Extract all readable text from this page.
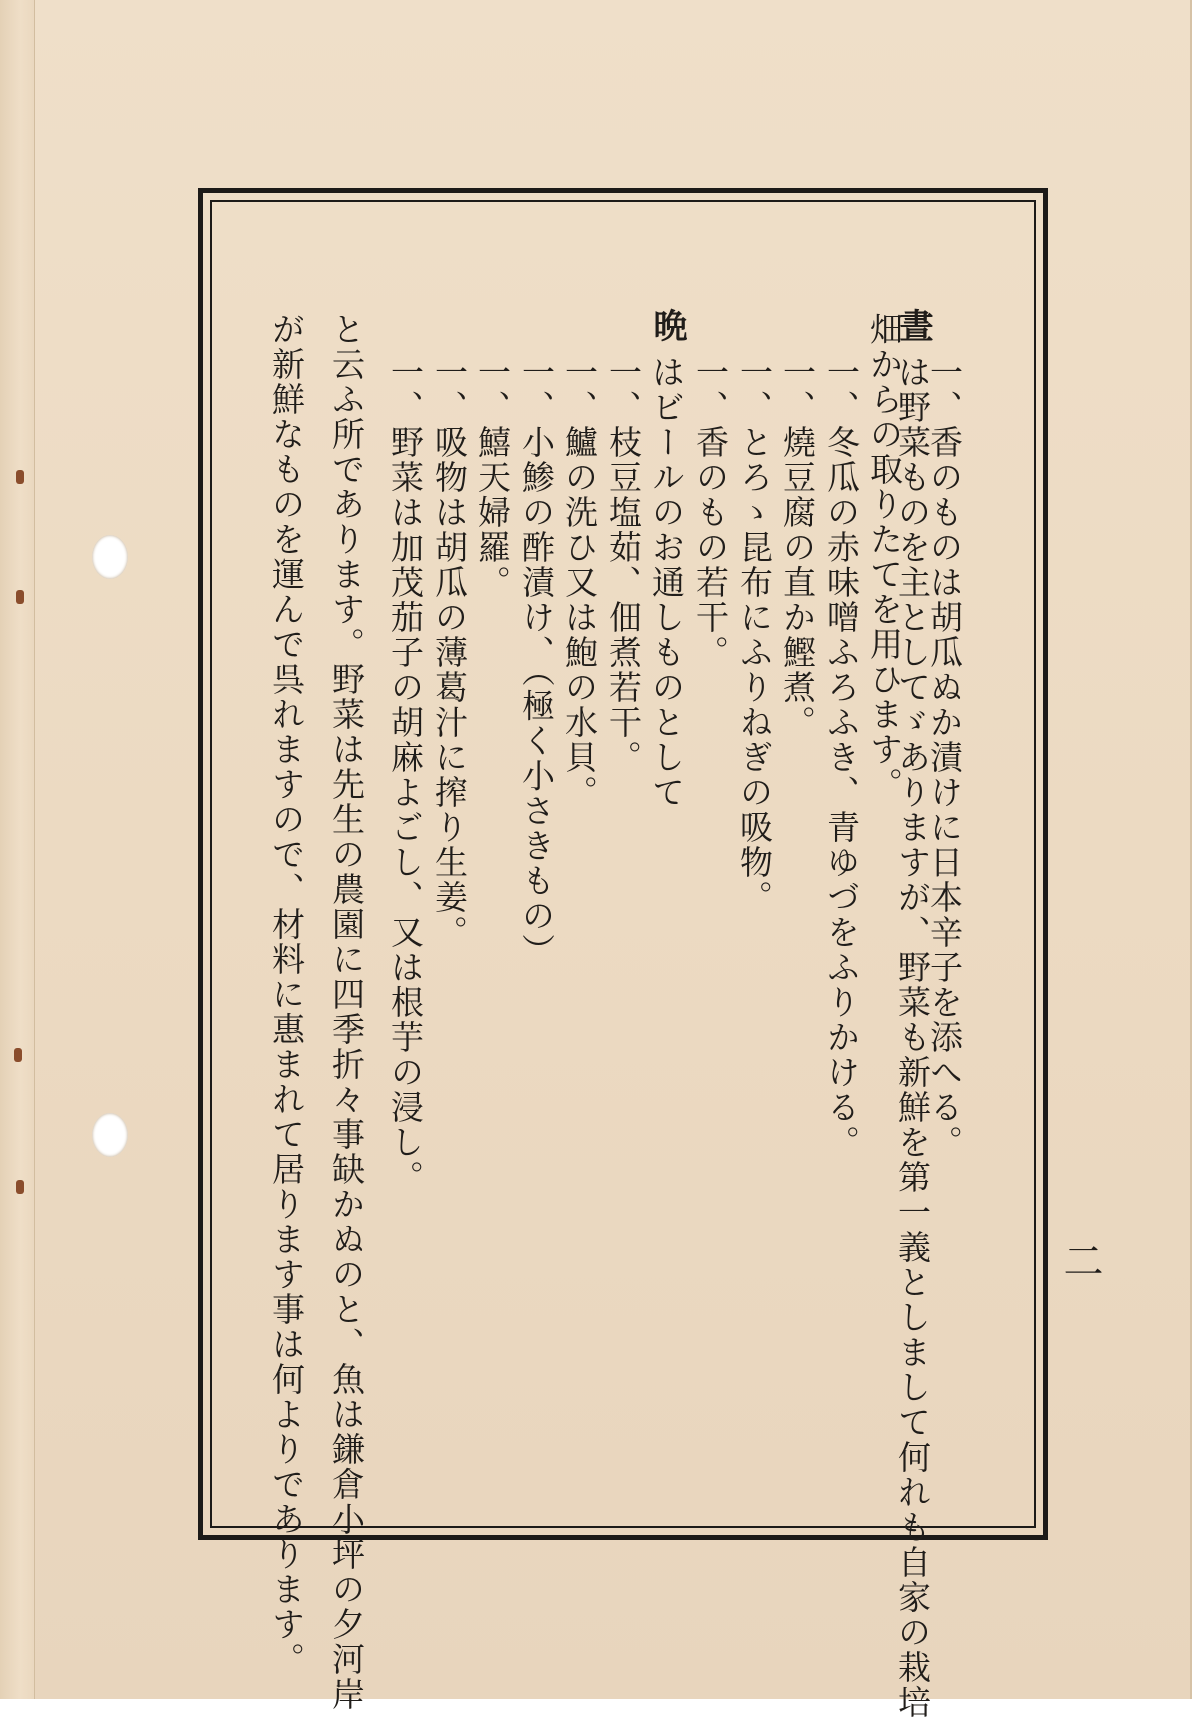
一、香のものは胡瓜ぬか漬けに日本辛子を添へる。
晝
は野菜ものを主としてゞありますが、野菜も新鮮を第一義としまして何れも自家の栽培
畑からの取りたてを用ひます。
一、冬瓜の赤味噌ふろふき、青ゆづをふりかける。
一、燒豆腐の直か鰹煮。
一、とろゝ昆布にふりねぎの吸物。
一、香のもの若干。
晩
はビールのお通しものとして
一、枝豆塩茹、佃煮若干。
一、鱸の洗ひ又は鮑の水貝。
一、小鯵の酢漬け、（極く小さきもの）
一、鱚天婦羅。
一、吸物は胡瓜の薄葛汁に搾り生姜。
一、野菜は加茂茄子の胡麻よごし、又は根芋の浸し。
と云ふ所であります。野菜は先生の農園に四季折々事缺かぬのと、魚は鎌倉小坪の夕河岸
が新鮮なものを運んで呉れますので、材料に惠まれて居ります事は何よりであります。	二
